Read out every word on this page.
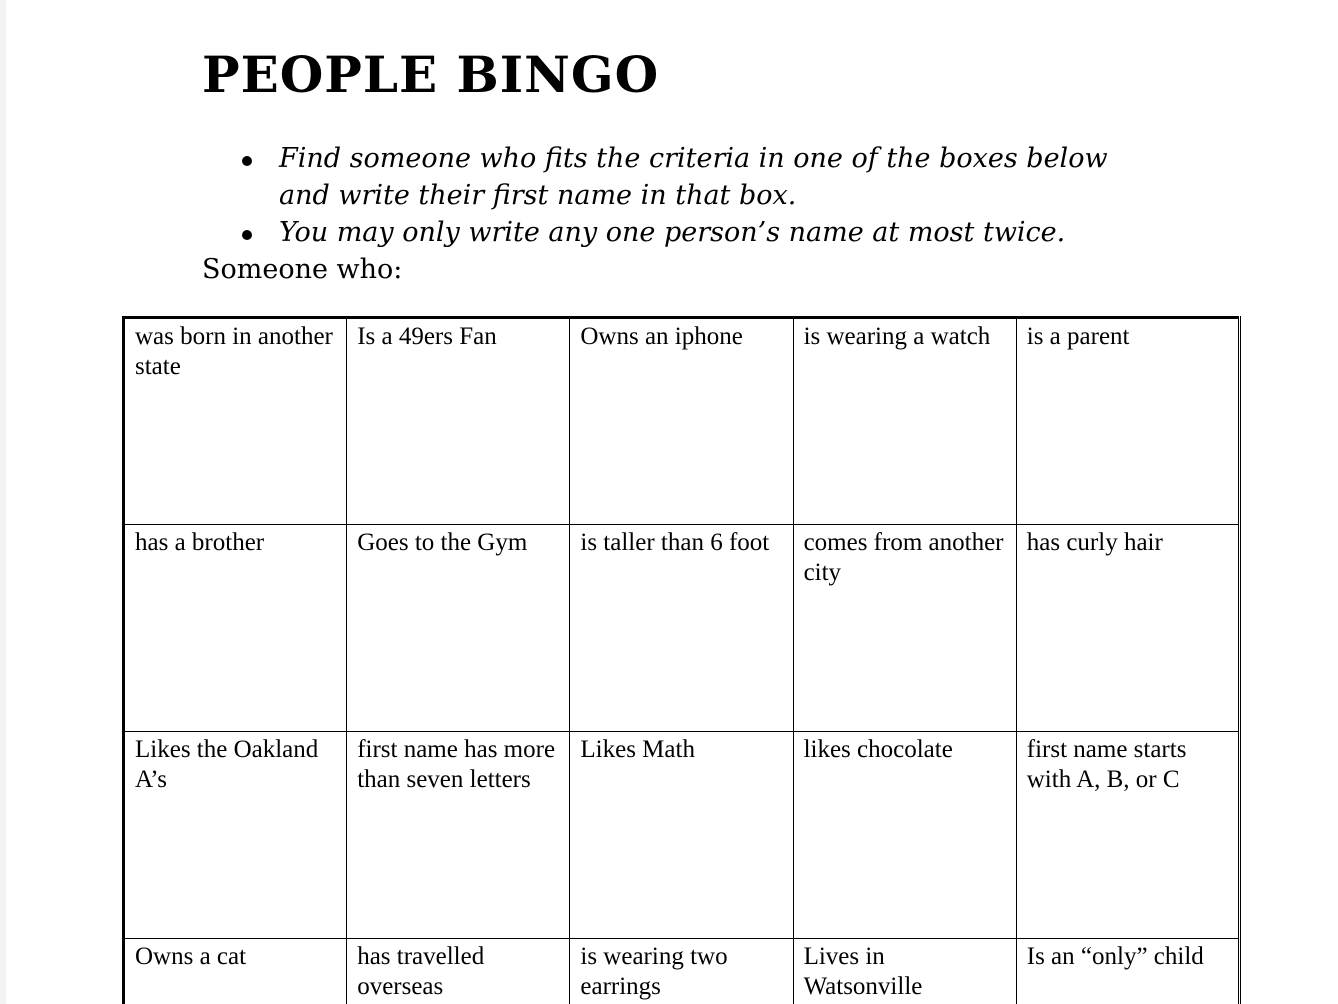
PEOPLE BINGO
Find someone who fits the criteria in one of the boxes below and write their first name in that box.
You may only write any one person’s name at most twice.

Someone who:

was born in another state	Is a 49ers Fan	Owns an iphone	is wearing a watch	is a parent
has a brother	Goes to the Gym	is taller than 6 foot	comes from another city	has curly hair
Likes the Oakland A’s	first name has more than seven letters	Likes Math	likes chocolate	first name starts with A, B, or C
Owns a cat	has travelled overseas	is wearing two earrings	Lives in Watsonville	Is an “only” child
